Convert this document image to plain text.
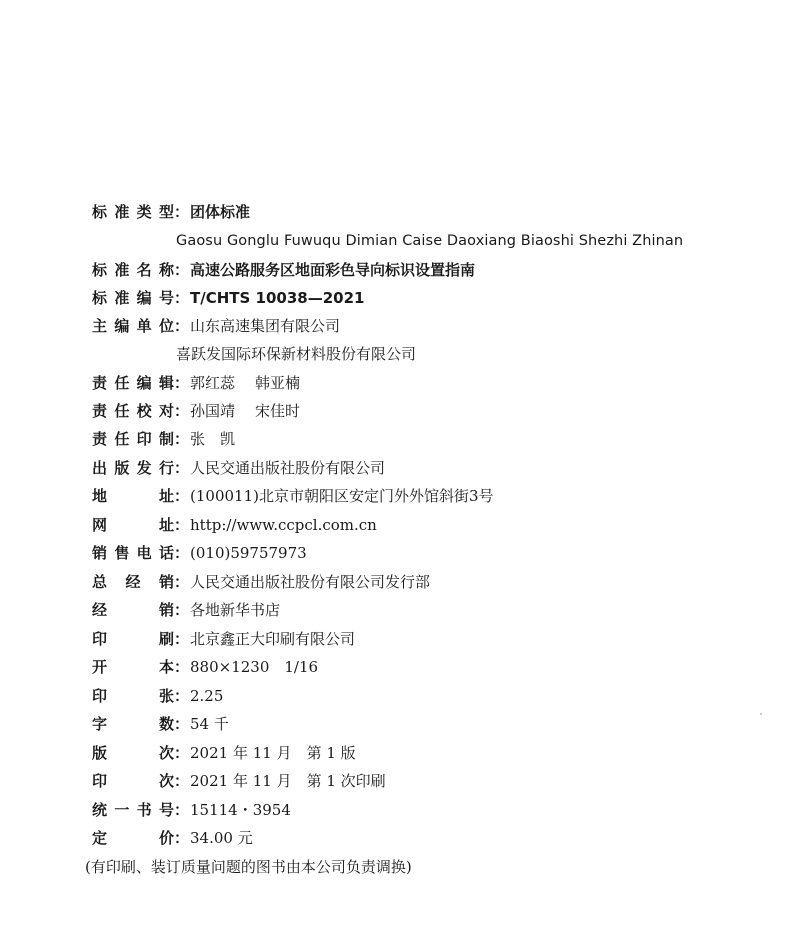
标准类型 ： 团体标准
Gaosu Gonglu Fuwuqu Dimian Caise Daoxiang Biaoshi Shezhi Zhinan
标准名称 ： 高速公路服务区地面彩色导向标识设置指南
标准编号 ： T/CHTS 10038—2021
主编单位 ： 山东高速集团有限公司
喜跃发国际环保新材料股份有限公司
责任编辑 ： 郭红蕊 韩亚楠
责任校对 ： 孙国靖 宋佳时
责任印制 ： 张　凯
出版发行 ： 人民交通出版社股份有限公司
地　　址 ： (100011)北京市朝阳区安定门外外馆斜街3号
网　　址 ： http://www.ccpcl.com.cn
销售电话 ： (010)59757973
总 经 销 ： 人民交通出版社股份有限公司发行部
经　　销 ： 各地新华书店
印　　刷 ： 北京鑫正大印刷有限公司
开　　本 ： 880×1230　1/16
印　　张 ： 2.25
字　　数 ： 54 千
版　　次 ： 2021 年 11 月　第 1 版
印　　次 ： 2021 年 11 月　第 1 次印刷
统一书号 ： 15114・3954
定　　价 ： 34.00 元
(有印刷、装订质量问题的图书由本公司负责调换)
